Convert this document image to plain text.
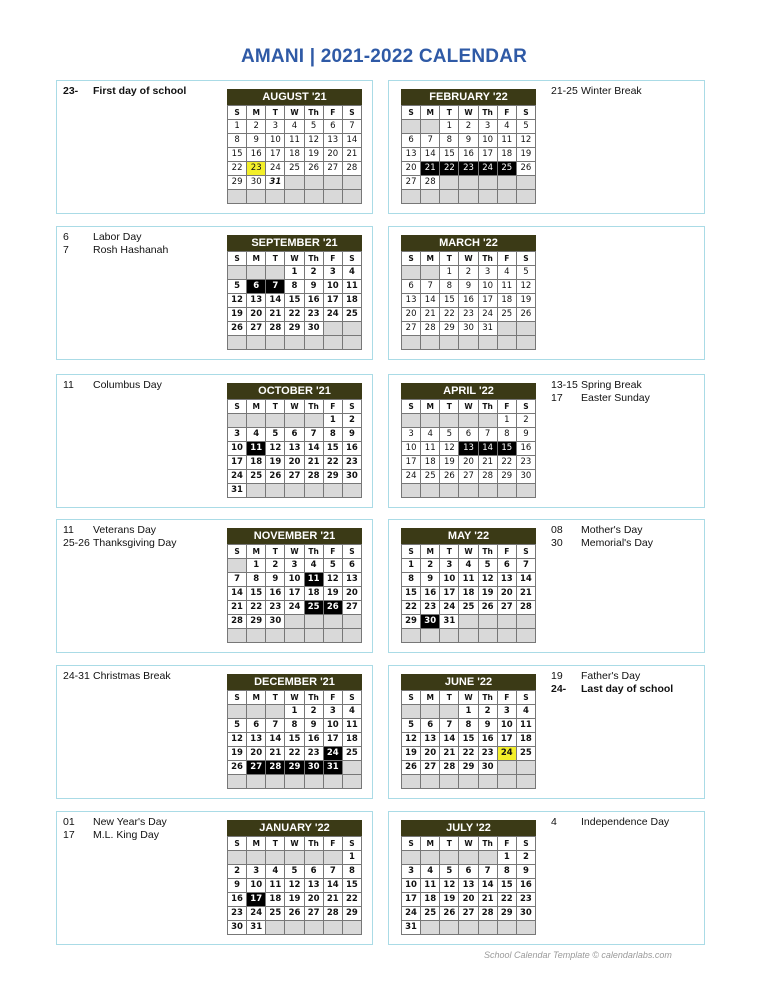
AMANI | 2021-2022 CALENDAR
23- First day of school	AUGUST '21
S	M	T	W	Th	F	S
1	2	3	4	5	6	7
8	9	10	11	12	13	14
15	16	17	18	19	20	21
22	23	24	25	26	27	28
29	30	31				

21-25 Winter Break
FEBRUARY '22
S	M	T	W	Th	F	S
		1	2	3	4	5
6	7	8	9	10	11	12
13	14	15	16	17	18	19
20	21	22	23	24	25	26
27	28					

6 Labor Day
7 Rosh Hashanah
SEPTEMBER '21
S	M	T	W	Th	F	S
			1	2	3	4
5	6	7	8	9	10	11
12	13	14	15	16	17	18
19	20	21	22	23	24	25
26	27	28	29	30		

MARCH '22
S	M	T	W	Th	F	S
		1	2	3	4	5
6	7	8	9	10	11	12
13	14	15	16	17	18	19
20	21	22	23	24	25	26
27	28	29	30	31		

11 Columbus Day	OCTOBER '21
S	M	T	W	Th	F	S
					1	2
3	4	5	6	7	8	9
10	11	12	13	14	15	16
17	18	19	20	21	22	23
24	25	26	27	28	29	30
31						
13-15 Spring Break
17 Easter Sunday
APRIL '22
S	M	T	W	Th	F	S
					1	2
3	4	5	6	7	8	9
10	11	12	13	14	15	16
17	18	19	20	21	22	23
24	25	26	27	28	29	30

11 Veterans Day
25-26 Thanksgiving Day
NOVEMBER '21
S	M	T	W	Th	F	S
	1	2	3	4	5	6
7	8	9	10	11	12	13
14	15	16	17	18	19	20
21	22	23	24	25	26	27
28	29	30				

08 Mother's Day
30 Memorial's Day
MAY '22
S	M	T	W	Th	F	S
1	2	3	4	5	6	7
8	9	10	11	12	13	14
15	16	17	18	19	20	21
22	23	24	25	26	27	28
29	30	31				

24-31 Christmas Break	DECEMBER '21
S	M	T	W	Th	F	S
			1	2	3	4
5	6	7	8	9	10	11
12	13	14	15	16	17	18
19	20	21	22	23	24	25
26	27	28	29	30	31	

19 Father's Day
24- Last day of school
JUNE '22
S	M	T	W	Th	F	S
			1	2	3	4
5	6	7	8	9	10	11
12	13	14	15	16	17	18
19	20	21	22	23	24	25
26	27	28	29	30		

01 New Year's Day
17 M.L. King Day
JANUARY '22
S	M	T	W	Th	F	S
						1
2	3	4	5	6	7	8
9	10	11	12	13	14	15
16	17	18	19	20	21	22
23	24	25	26	27	28	29
30	31					
4 Independence Day
JULY '22
S	M	T	W	Th	F	S
					1	2
3	4	5	6	7	8	9
10	11	12	13	14	15	16
17	18	19	20	21	22	23
24	25	26	27	28	29	30
31						
School Calendar Template © calendarlabs.com
